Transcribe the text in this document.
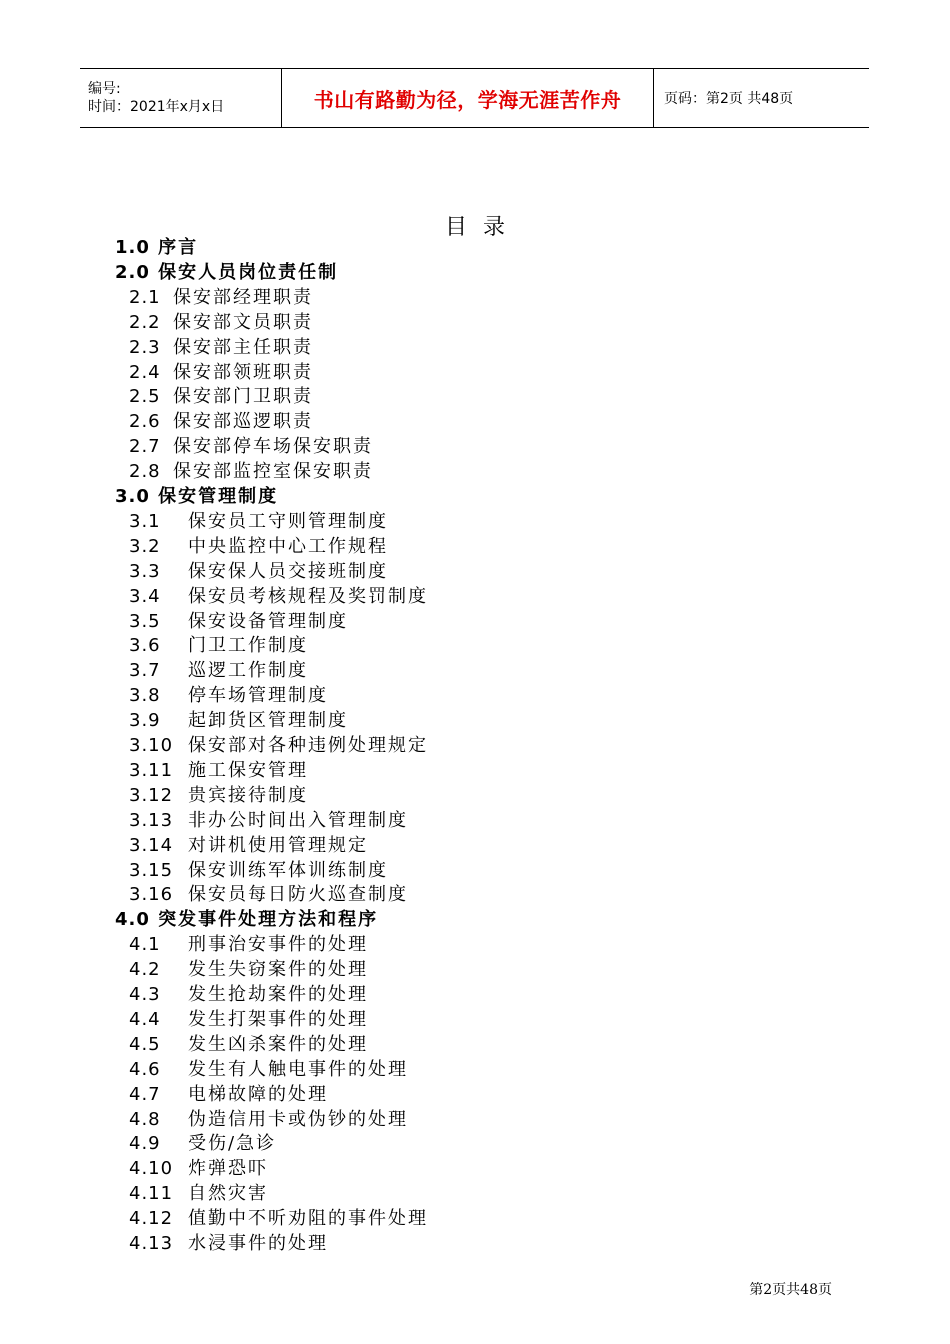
编号:
时间：2021年x月x日	书山有路勤为径，学海无涯苦作舟	页码：第2页 共48页
目录
1.0 序言
2.0 保安人员岗位责任制
2.1 保安部经理职责
2.2 保安部文员职责
2.3 保安部主任职责
2.4 保安部领班职责
2.5 保安部门卫职责
2.6 保安部巡逻职责
2.7 保安部停车场保安职责
2.8 保安部监控室保安职责
3.0 保安管理制度
3.1 保安员工守则管理制度
3.2 中央监控中心工作规程
3.3 保安保人员交接班制度
3.4 保安员考核规程及奖罚制度
3.5 保安设备管理制度
3.6 门卫工作制度
3.7 巡逻工作制度
3.8 停车场管理制度
3.9 起卸货区管理制度
3.10 保安部对各种违例处理规定
3.11 施工保安管理
3.12 贵宾接待制度
3.13 非办公时间出入管理制度
3.14 对讲机使用管理规定
3.15 保安训练军体训练制度
3.16 保安员每日防火巡查制度
4.0 突发事件处理方法和程序
4.1 刑事治安事件的处理
4.2 发生失窃案件的处理
4.3 发生抢劫案件的处理
4.4 发生打架事件的处理
4.5 发生凶杀案件的处理
4.6 发生有人触电事件的处理
4.7 电梯故障的处理
4.8 伪造信用卡或伪钞的处理
4.9 受伤/急诊
4.10 炸弹恐吓
4.11 自然灾害
4.12 值勤中不听劝阻的事件处理
4.13 水浸事件的处理
第2页共48页
